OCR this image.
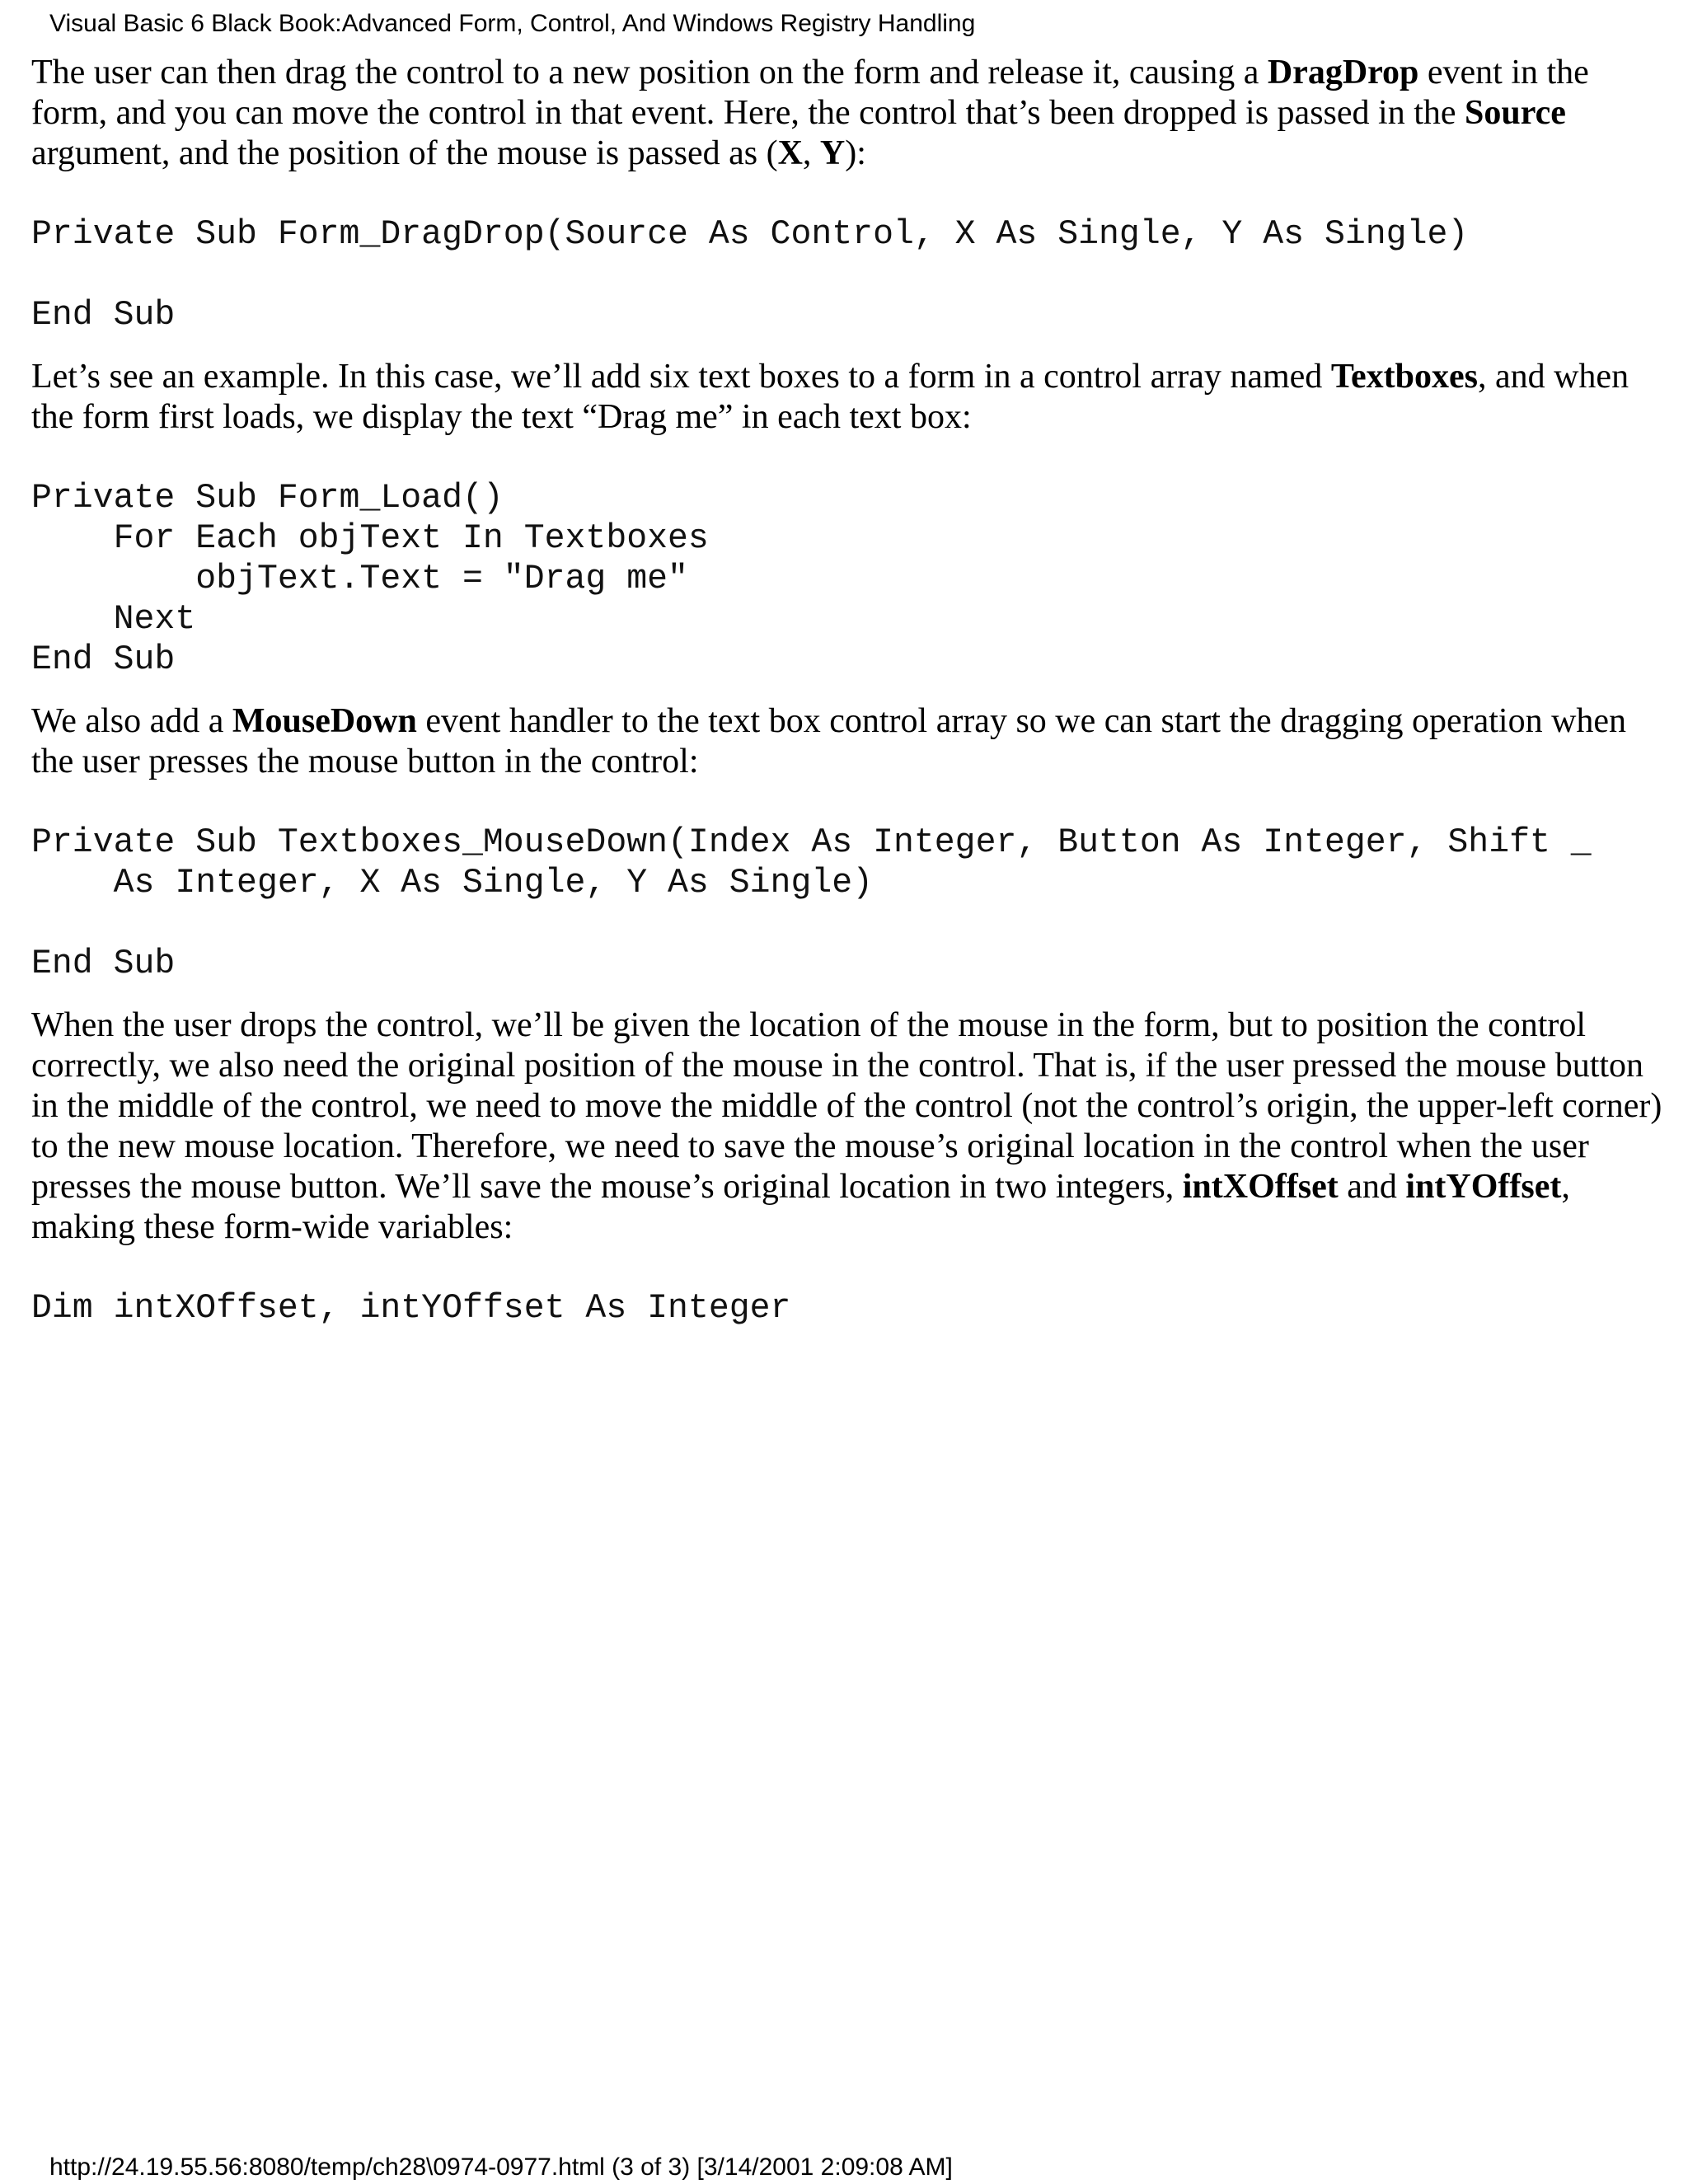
Visual Basic 6 Black Book:Advanced Form, Control, And Windows Registry Handling

The user can then drag the control to a new position on the form and release it, causing a DragDrop event in the form, and you can move the control in that event. Here, the control that’s been dropped is passed in the Source argument, and the position of the mouse is passed as (X, Y):

Private Sub Form_DragDrop(Source As Control, X As Single, Y As Single)
End Sub

Let’s see an example. In this case, we’ll add six text boxes to a form in a control array named Textboxes, and when the form first loads, we display the text “Drag me” in each text box:

Private Sub Form_Load()
For Each objText In Textboxes
objText.Text = "Drag me"
Next
End Sub

We also add a MouseDown event handler to the text box control array so we can start the dragging operation when the user presses the mouse button in the control:

Private Sub Textboxes_MouseDown(Index As Integer, Button As Integer, Shift _
As Integer, X As Single, Y As Single)
End Sub

When the user drops the control, we’ll be given the location of the mouse in the form, but to position the control correctly, we also need the original position of the mouse in the control. That is, if the user pressed the mouse button in the middle of the control, we need to move the middle of the control (not the control’s origin, the upper-left corner) to the new mouse location. Therefore, we need to save the mouse’s original location in the control when the user presses the mouse button. We’ll save the mouse’s original location in two integers, intXOffset and intYOffset, making these form-wide variables:

Dim intXOffset, intYOffset As Integer
http://24.19.55.56:8080/temp/ch28\0974-0977.html (3 of 3) [3/14/2001 2:09:08 AM]
